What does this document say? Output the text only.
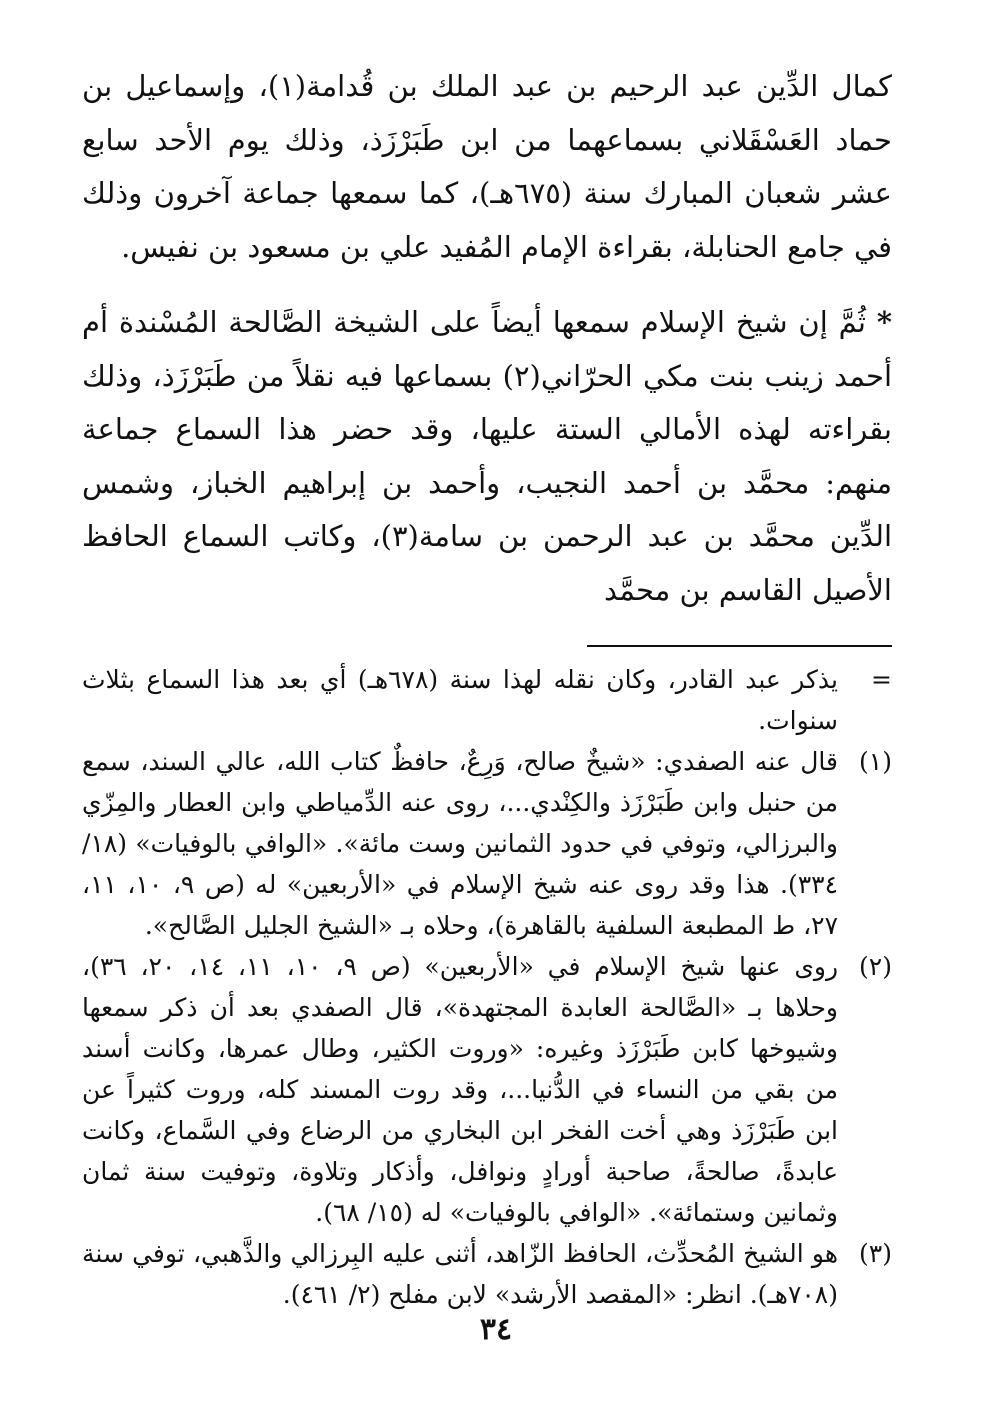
كمال الدِّين عبد الرحيم بن عبد الملك بن قُدامة(١)، وإسماعيل بن حماد العَسْقَلاني بسماعهما من ابن طَبَرْزَذ، وذلك يوم الأحد سابع عشر شعبان المبارك سنة (٦٧٥هـ)، كما سمعها جماعة آخرون وذلك في جامع الحنابلة، بقراءة الإمام المُفيد علي بن مسعود بن نفيس.

* ثُمَّ إن شيخ الإسلام سمعها أيضاً على الشيخة الصَّالحة المُسْندة أم أحمد زينب بنت مكي الحرّاني(٢) بسماعها فيه نقلاً من طَبَرْزَذ، وذلك بقراءته لهذه الأمالي الستة عليها، وقد حضر هذا السماع جماعة منهم: محمَّد بن أحمد النجيب، وأحمد بن إبراهيم الخباز، وشمس الدِّين محمَّد بن عبد الرحمن بن سامة(٣)، وكاتب السماع الحافظ الأصيل القاسم بن محمَّد

=
يذكر عبد القادر، وكان نقله لهذا سنة (٦٧٨هـ) أي بعد هذا السماع بثلاث سنوات.

(١)
قال عنه الصفدي: «شيخٌ صالح، وَرِعٌ، حافظٌ كتاب الله، عالي السند، سمع من حنبل وابن طَبَرْزَذ والكِنْدي...، روى عنه الدِّمياطي وابن العطار والمِزّي والبرزالي، وتوفي في حدود الثمانين وست مائة». «الوافي بالوفيات» (١٨/ ٣٣٤). هذا وقد روى عنه شيخ الإسلام في «الأربعين» له (ص ٩، ١٠، ١١، ٢٧، ط المطبعة السلفية بالقاهرة)، وحلاه بـ «الشيخ الجليل الصَّالح».

(٢)
روى عنها شيخ الإسلام في «الأربعين» (ص ٩، ١٠، ١١، ١٤، ٢٠، ٣٦)، وحلاها بـ «الصَّالحة العابدة المجتهدة»، قال الصفدي بعد أن ذكر سمعها وشيوخها كابن طَبَرْزَذ وغيره: «وروت الكثير، وطال عمرها، وكانت أسند من بقي من النساء في الدُّنيا...، وقد روت المسند كله، وروت كثيراً عن ابن طَبَرْزَذ وهي أخت الفخر ابن البخاري من الرضاع وفي السَّماع، وكانت عابدةً، صالحةً، صاحبة أورادٍ ونوافل، وأذكار وتلاوة، وتوفيت سنة ثمان وثمانين وستمائة». «الوافي بالوفيات» له (١٥/ ٦٨).

(٣)
هو الشيخ المُحدِّث، الحافظ الزّاهد، أثنى عليه البِرزالي والذَّهبي، توفي سنة (٧٠٨هـ). انظر: «المقصد الأرشد» لابن مفلح (٢/ ٤٦١).

٣٤
